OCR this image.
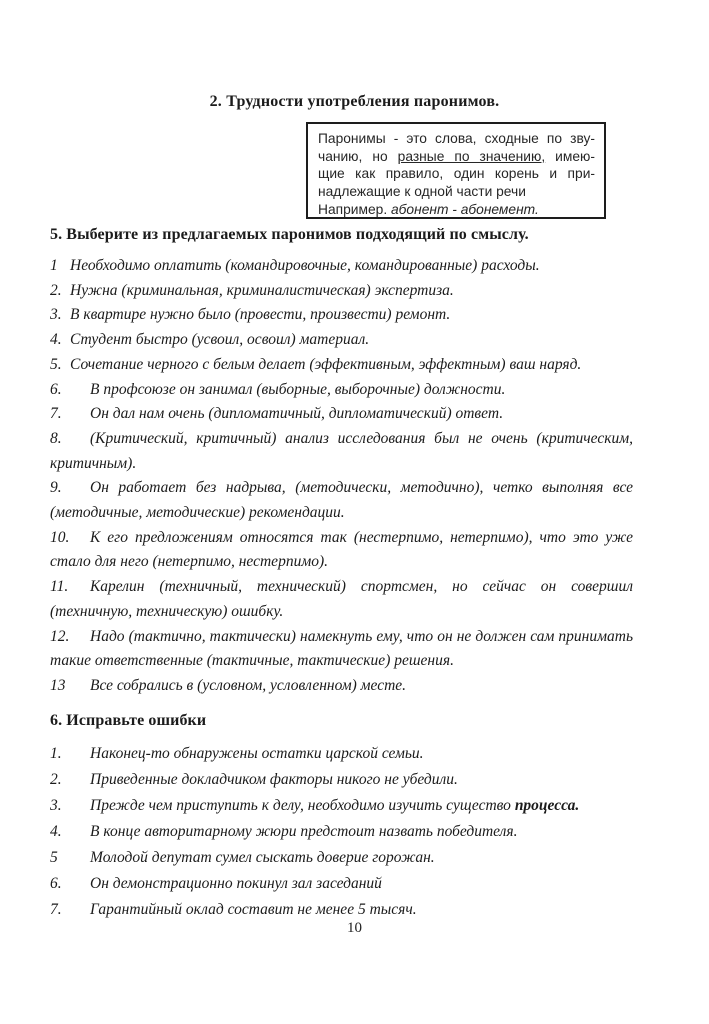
2. Трудности употребления паронимов.

Паронимы - это слова, сходные по зву-

чанию, но разные по значению, имею-

щие как правило, один корень и при-

надлежащие к одной части речи

Например. абонент - абонемент.

5. Выберите из предлагаемых паронимов подходящий по смыслу.

1 Необходимо оплатить (командировочные, командированные) расходы.

2. Нужна (криминальная, криминалистическая) экспертиза.

3. В квартире нужно было (провести, произвести) ремонт.

4. Студент быстро (усвоил, освоил) материал.

5. Сочетание черного с белым делает (эффективным, эффектным) ваш наряд.

6. В профсоюзе он занимал (выборные, выборочные) должности.

7. Он дал нам очень (дипломатичный, дипломатический) ответ.

8. (Критический, критичный) анализ исследования был не очень (критическим, критичным).

9. Он работает без надрыва, (методически, методично), четко выполняя все (методичные, методические) рекомендации.

10. К его предложениям относятся так (нестерпимо, нетерпимо), что это уже стало для него (нетерпимо, нестерпимо).

11. Карелин (техничный, технический) спортсмен, но сейчас он совершил (техничную, техническую) ошибку.

12. Надо (тактично, тактически) намекнуть ему, что он не должен сам принимать такие ответственные (тактичные, тактические) решения.

13 Все собрались в (условном, условленном) месте.

6. Исправьте ошибки

1. Наконец-то обнаружены остатки царской семьи.

2. Приведенные докладчиком факторы никого не убедили.

3. Прежде чем приступить к делу, необходимо изучить существо процесса.

4. В конце авторитарному жюри предстоит назвать победителя.

5 Молодой депутат сумел сыскать доверие горожан.

6. Он демонстрационно покинул зал заседаний

7. Гарантийный оклад составит не менее 5 тысяч.

10
